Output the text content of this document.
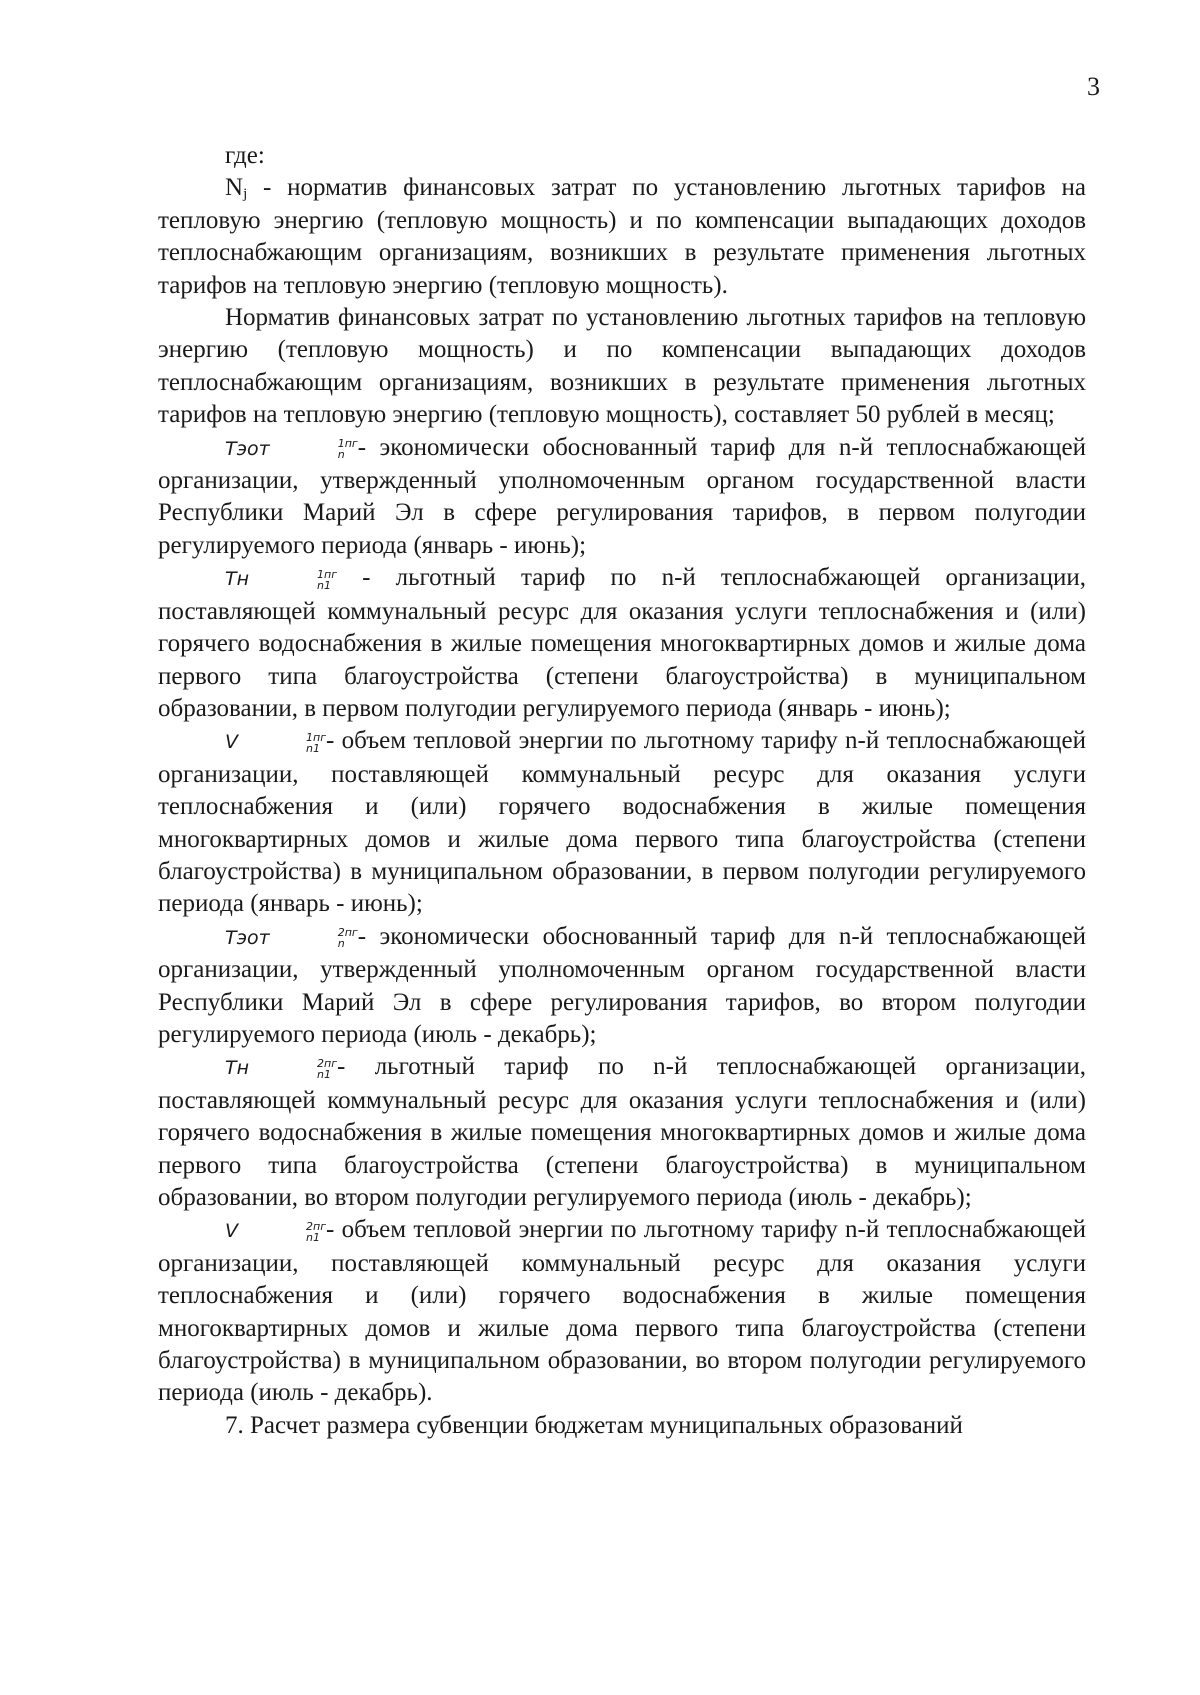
3

где:

Nj - норматив финансовых затрат по установлению льготных тарифов на тепловую энергию (тепловую мощность) и по компенсации выпадающих доходов теплоснабжающим организациям, возникших в результате применения льготных тарифов на тепловую энергию (тепловую мощность).

Норматив финансовых затрат по установлению льготных тарифов на тепловую энергию (тепловую мощность) и по компенсации выпадающих доходов теплоснабжающим организациям, возникших в результате применения льготных тарифов на тепловую энергию (тепловую мощность), составляет 50 рублей в месяц;

Тэот	1пг
n - экономически обоснованный тариф для n-й теплоснабжающей организации, утвержденный уполномоченным органом государственной власти Республики Марий Эл в сфере регулирования тарифов, в первом полугодии регулируемого периода (январь - июнь);

Тн	1пг
n1 - льготный тариф по n-й теплоснабжающей организации, поставляющей коммунальный ресурс для оказания услуги теплоснабжения и (или) горячего водоснабжения в жилые помещения многоквартирных домов и жилые дома первого типа благоустройства (степени благоустройства) в муниципальном образовании, в первом полугодии регулируемого периода (январь - июнь);

V	1пг
n1 - объем тепловой энергии по льготному тарифу n-й теплоснабжающей организации, поставляющей коммунальный ресурс для оказания услуги теплоснабжения и (или) горячего водоснабжения в жилые помещения многоквартирных домов и жилые дома первого типа благоустройства (степени благоустройства) в муниципальном образовании, в первом полугодии регулируемого периода (январь - июнь);

Тэот	2пг
n - экономически обоснованный тариф для n-й теплоснабжающей организации, утвержденный уполномоченным органом государственной власти Республики Марий Эл в сфере регулирования тарифов, во втором полугодии регулируемого периода (июль - декабрь);

Тн	2пг
n1 - льготный тариф по n-й теплоснабжающей организации, поставляющей коммунальный ресурс для оказания услуги теплоснабжения и (или) горячего водоснабжения в жилые помещения многоквартирных домов и жилые дома первого типа благоустройства (степени благоустройства) в муниципальном образовании, во втором полугодии регулируемого периода (июль - декабрь);

V	2пг
n1 - объем тепловой энергии по льготному тарифу n-й теплоснабжающей организации, поставляющей коммунальный ресурс для оказания услуги теплоснабжения и (или) горячего водоснабжения в жилые помещения многоквартирных домов и жилые дома первого типа благоустройства (степени благоустройства) в муниципальном образовании, во втором полугодии регулируемого периода (июль - декабрь).

7. Расчет размера субвенции бюджетам муниципальных образований
